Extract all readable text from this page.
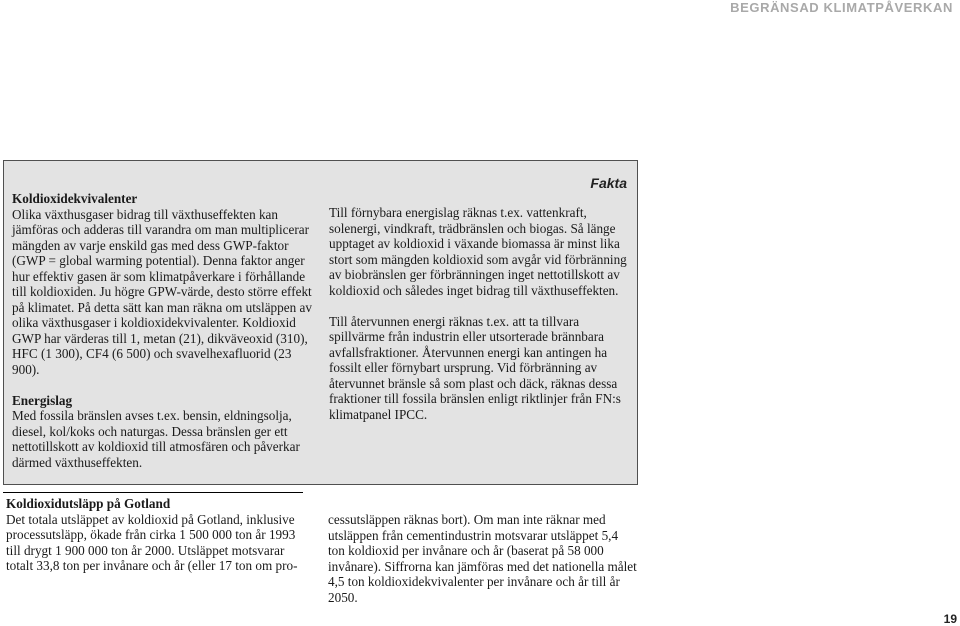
BEGRÄNSAD KLIMATPÅVERKAN
Fakta

Koldioxidekvivalenter

Olika växthusgaser bidrag till växthuseffekten kan jämföras och adderas till varandra om man multiplicerar mängden av varje enskild gas med dess GWP-faktor (GWP = global warming potential). Denna faktor anger hur effektiv gasen är som klimatpåverkare i förhållande till koldioxiden. Ju högre GPW-värde, desto större effekt på klimatet. På detta sätt kan man räkna om utsläppen av olika växthusgaser i koldioxidekvivalenter. Koldioxid GWP har värderas till 1, metan (21), dikväveoxid (310), HFC (1 300), CF4 (6 500) och svavelhexafluorid (23 900).

Energislag

Med fossila bränslen avses t.ex. bensin, eldningsolja, diesel, kol/koks och naturgas. Dessa bränslen ger ett nettotillskott av koldioxid till atmosfären och påverkar därmed växthuseffekten.

Till förnybara energislag räknas t.ex. vattenkraft, solenergi, vindkraft, trädbränslen och biogas. Så länge upptaget av koldioxid i växande biomassa är minst lika stort som mängden koldioxid som avgår vid förbränning av biobränslen ger förbränningen inget nettotillskott av koldioxid och således inget bidrag till växthuseffekten.

Till återvunnen energi räknas t.ex. att ta tillvara spillvärme från industrin eller utsorterade brännbara avfallsfraktioner. Återvunnen energi kan antingen ha fossilt eller förnybart ursprung. Vid förbränning av återvunnet bränsle så som plast och däck, räknas dessa fraktioner till fossila bränslen enligt riktlinjer från FN:s klimatpanel IPCC.

Koldioxidutsläpp på Gotland

Det totala utsläppet av koldioxid på Gotland, inklusive processutsläpp, ökade från cirka 1 500 000 ton år 1993 till drygt 1 900 000 ton år 2000. Utsläppet motsvarar totalt 33,8 ton per invånare och år (eller 17 ton om pro-

cessutsläppen räknas bort). Om man inte räknar med utsläppen från cementindustrin motsvarar utsläppet 5,4 ton koldioxid per invånare och år (baserat på 58 000 invånare). Siffrorna kan jämföras med det nationella målet 4,5 ton koldioxidekvivalenter per invånare och år till år 2050.

19
